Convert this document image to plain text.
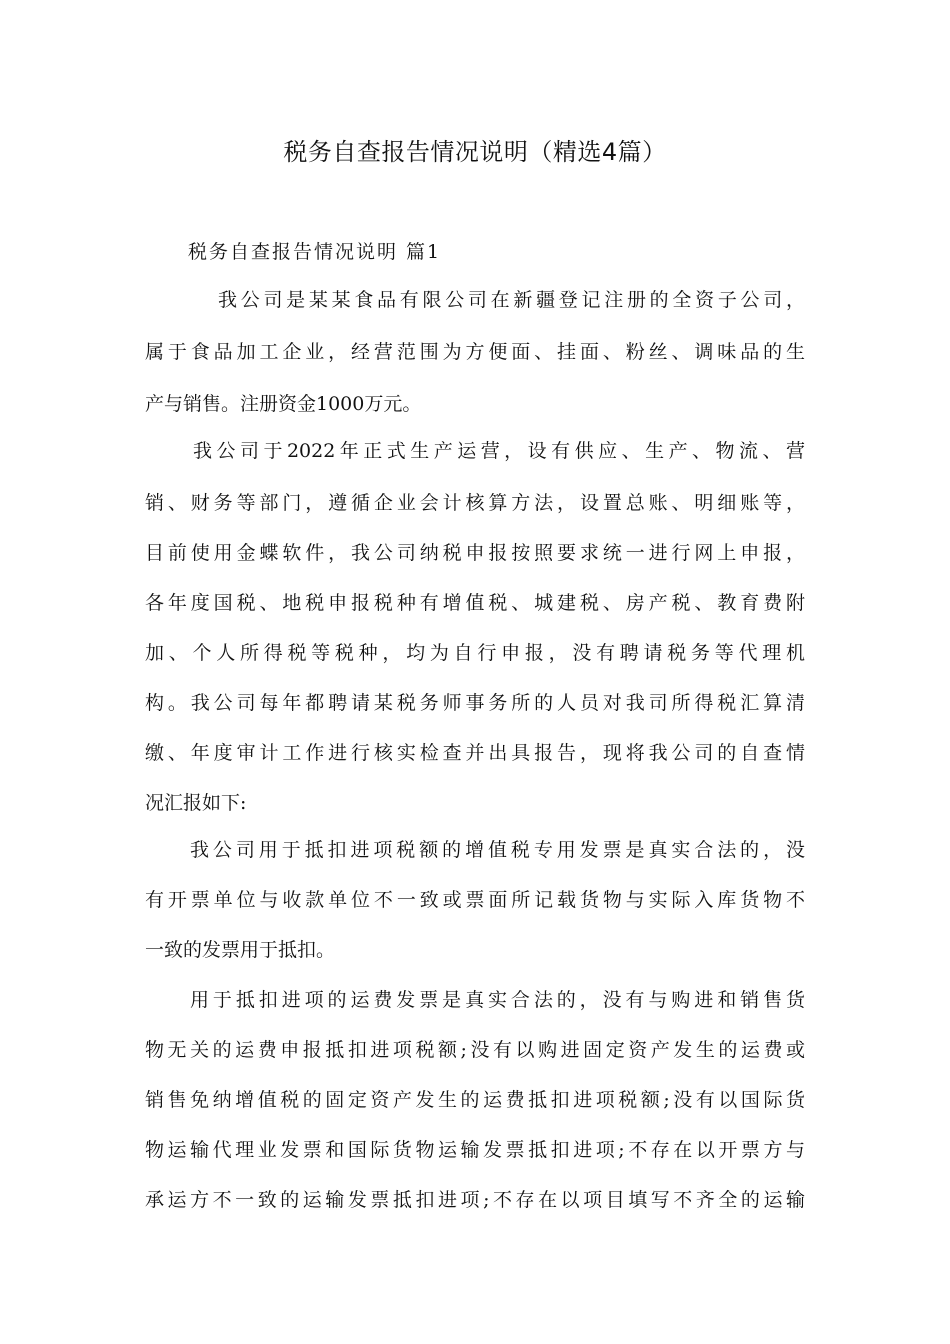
税务自查报告情况说明（精选4篇）
税务自查报告情况说明 篇1
我公司是某某食品有限公司在新疆登记注册的全资子公司，
属于食品加工企业，经营范围为方便面、挂面、粉丝、调味品的生
产与销售。注册资金1000万元。
我公司于2022年正式生产运营，设有供应、生产、物流、营
销、财务等部门，遵循企业会计核算方法，设置总账、明细账等，
目前使用金蝶软件，我公司纳税申报按照要求统一进行网上申报，
各年度国税、地税申报税种有增值税、城建税、房产税、教育费附
加、个人所得税等税种，均为自行申报，没有聘请税务等代理机
构。我公司每年都聘请某税务师事务所的人员对我司所得税汇算清
缴、年度审计工作进行核实检查并出具报告，现将我公司的自查情
况汇报如下:
我公司用于抵扣进项税额的增值税专用发票是真实合法的，没
有开票单位与收款单位不一致或票面所记载货物与实际入库货物不
一致的发票用于抵扣。
用于抵扣进项的运费发票是真实合法的，没有与购进和销售货
物无关的运费申报抵扣进项税额;没有以购进固定资产发生的运费或
销售免纳增值税的固定资产发生的运费抵扣进项税额;没有以国际货
物运输代理业发票和国际货物运输发票抵扣进项;不存在以开票方与
承运方不一致的运输发票抵扣进项;不存在以项目填写不齐全的运输
